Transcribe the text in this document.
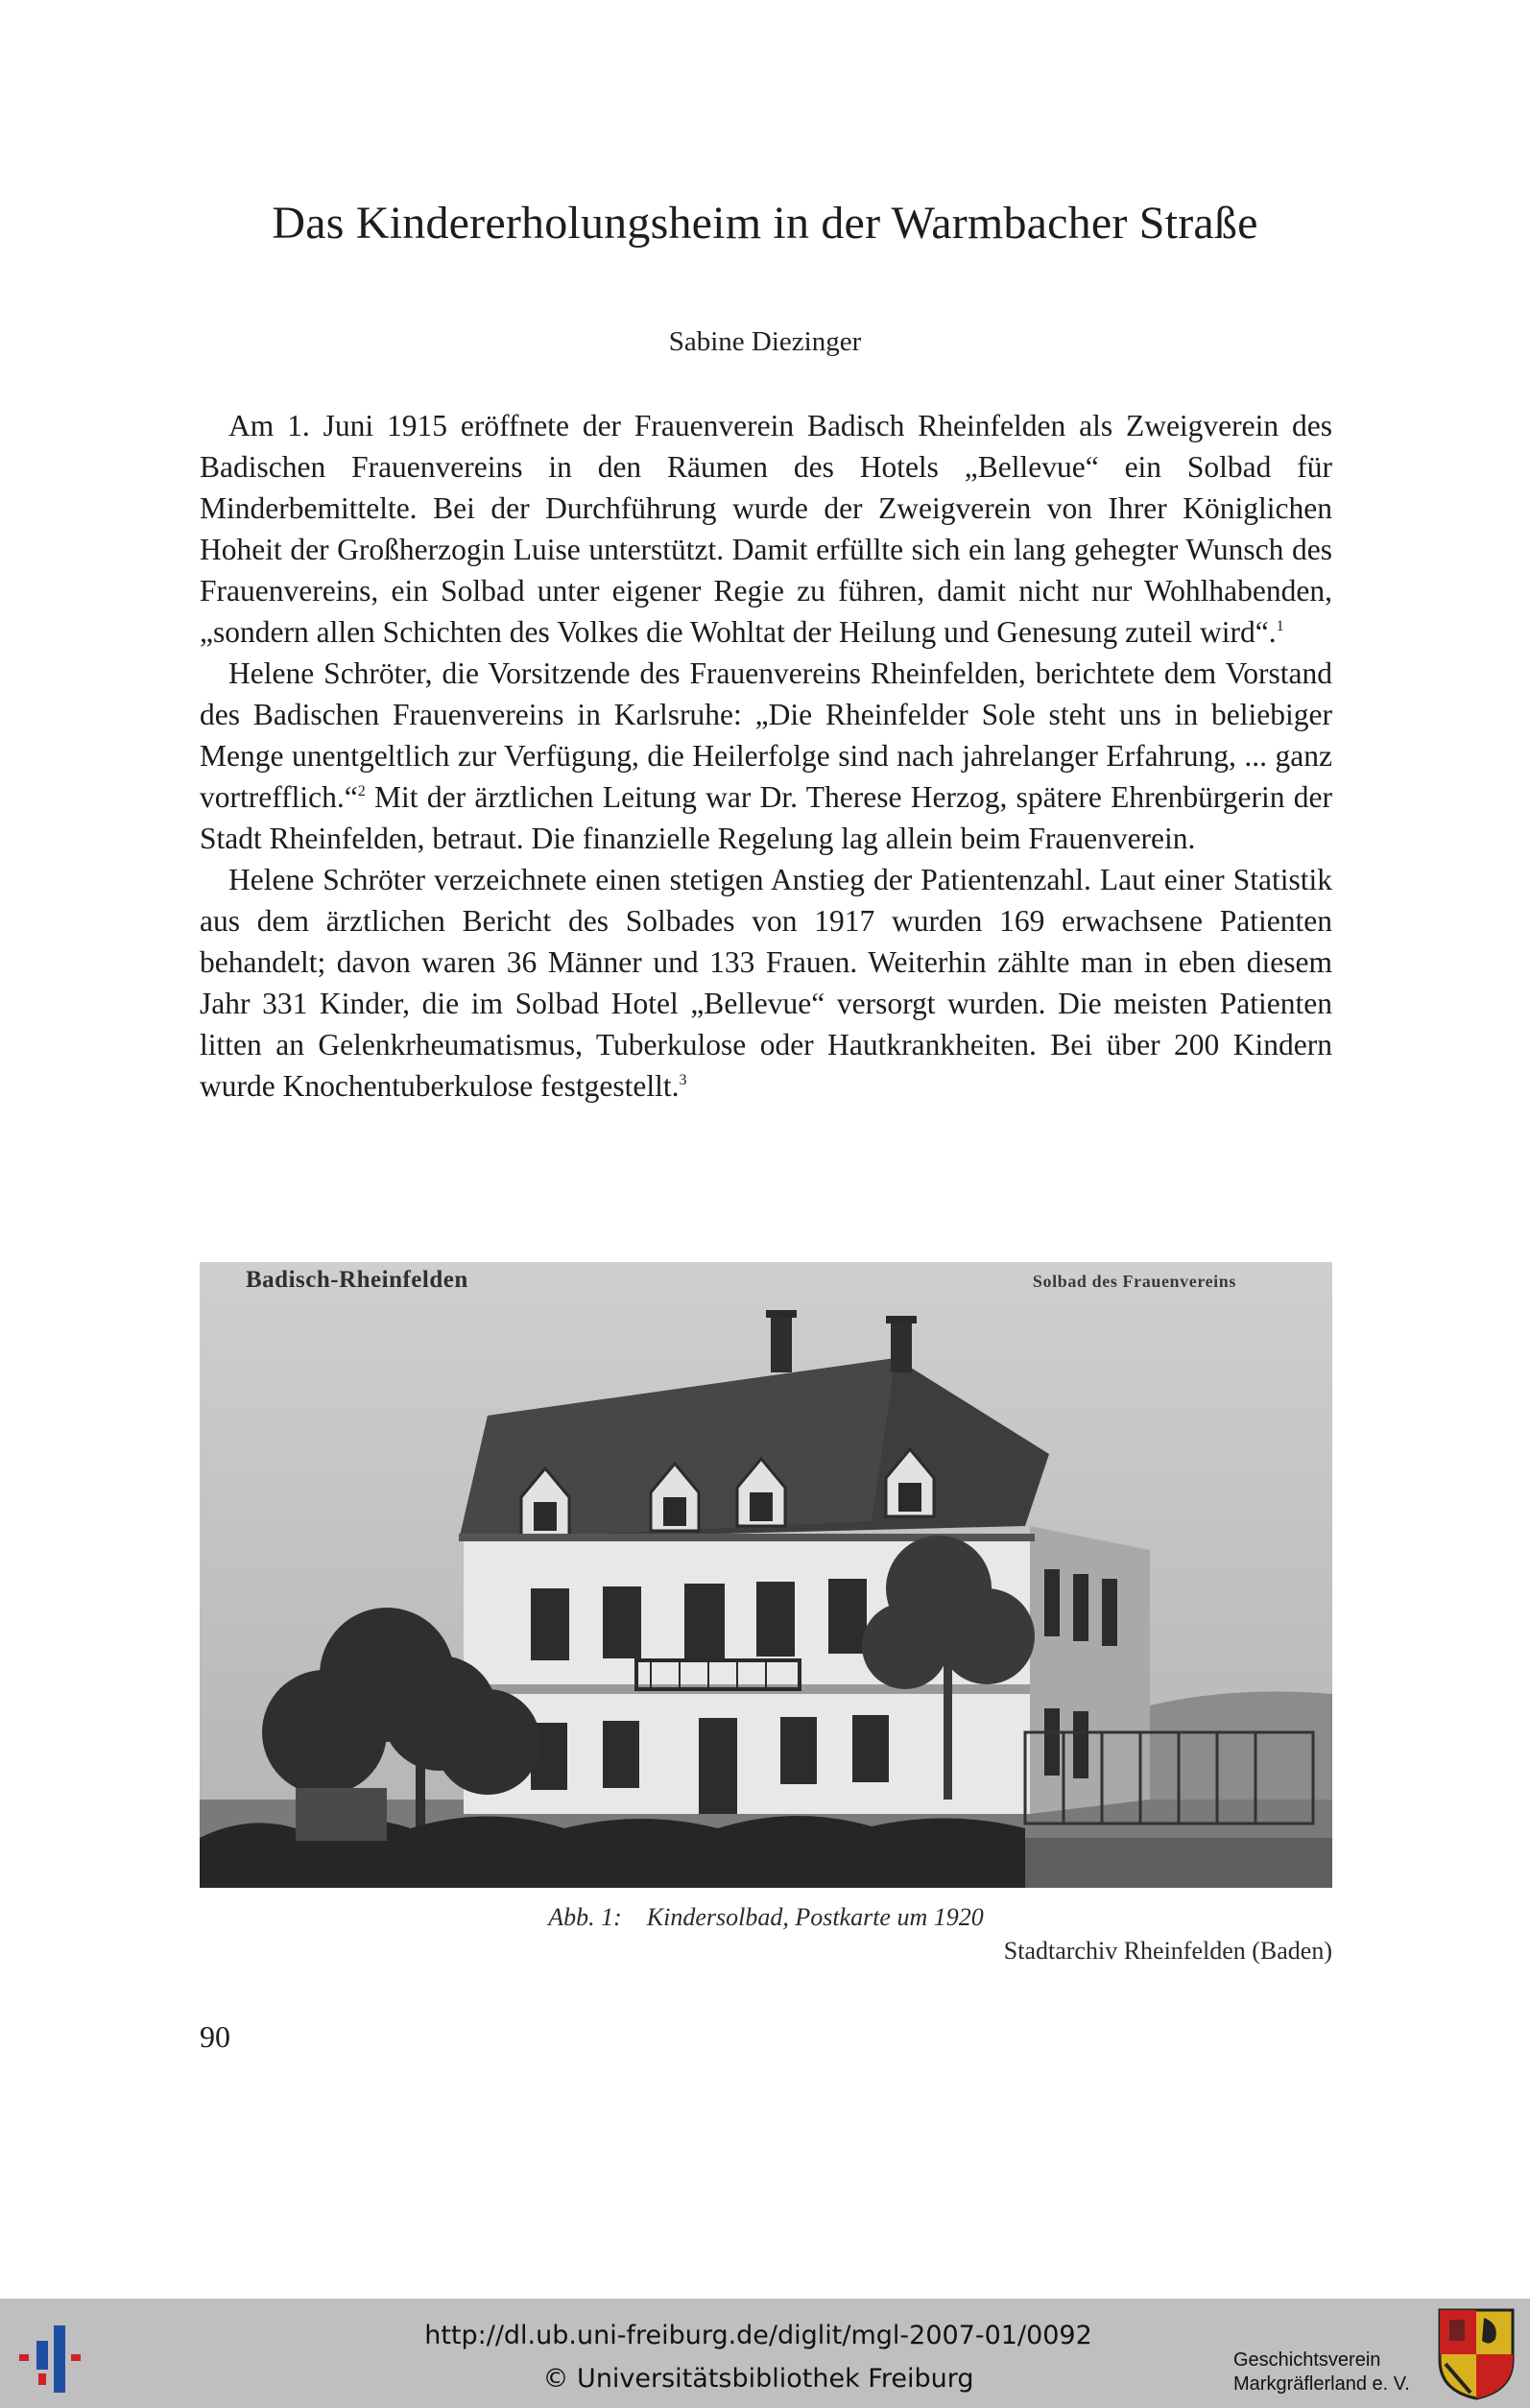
Das Kindererholungsheim in der Warmbacher Straße
Sabine Diezinger

Am 1. Juni 1915 eröffnete der Frauenverein Badisch Rheinfelden als Zweigverein des Badischen Frauenvereins in den Räumen des Hotels „Bellevue“ ein Solbad für Minderbemittelte. Bei der Durchführung wurde der Zweigverein von Ihrer Königlichen Hoheit der Großherzogin Luise unterstützt. Damit erfüllte sich ein lang gehegter Wunsch des Frauenvereins, ein Solbad unter eigener Regie zu führen, damit nicht nur Wohlhabenden, „sondern allen Schichten des Volkes die Wohltat der Heilung und Genesung zuteil wird“.$^1$

Helene Schröter, die Vorsitzende des Frauenvereins Rheinfelden, berichtete dem Vorstand des Badischen Frauenvereins in Karlsruhe: „Die Rheinfelder Sole steht uns in beliebiger Menge unentgeltlich zur Verfügung, die Heilerfolge sind nach jahrelanger Erfahrung, ... ganz vortrefflich.“$^2$ Mit der ärztlichen Leitung war Dr. Therese Herzog, spätere Ehrenbürgerin der Stadt Rheinfelden, betraut. Die finanzielle Regelung lag allein beim Frauenverein.

Helene Schröter verzeichnete einen stetigen Anstieg der Patientenzahl. Laut einer Statistik aus dem ärztlichen Bericht des Solbades von 1917 wurden 169 erwachsene Patienten behandelt; davon waren 36 Männer und 133 Frauen. Weiterhin zählte man in eben diesem Jahr 331 Kinder, die im Solbad Hotel „Bellevue“ versorgt wurden. Die meisten Patienten litten an Gelenkrheumatismus, Tuberkulose oder Hautkrankheiten. Bei über 200 Kindern wurde Knochentuberkulose festgestellt.$^3$

Badisch-Rheinfelden	Solbad des Frauenvereins
Abb. 1: Kindersolbad, Postkarte um 1920
Stadtarchiv Rheinfelden (Baden)
90
http://dl.ub.uni-freiburg.de/diglit/mgl-2007-01/0092
© Universitätsbibliothek Freiburg
Geschichtsverein
Markgräflerland e. V.
